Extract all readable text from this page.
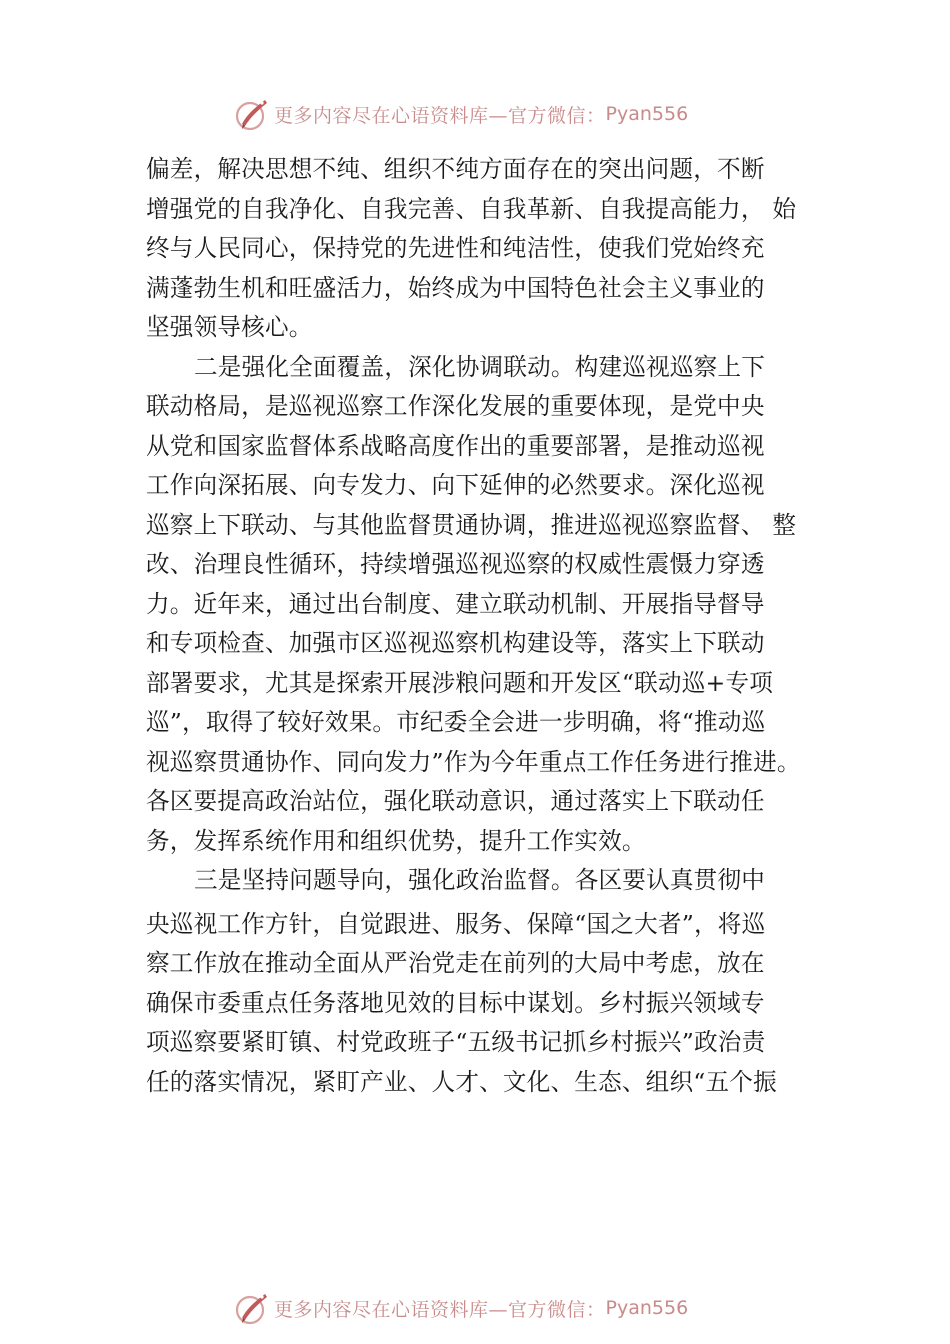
更多内容尽在心语资料库—官方微信： Pyan556
偏差，解决思想不纯、组织不纯方面存在的突出问题，不断
增强党的自我净化、自我完善、自我革新、自我提高能力， 始
终与人民同心，保持党的先进性和纯洁性，使我们党始终充
满蓬勃生机和旺盛活力，始终成为中国特色社会主义事业的
坚强领导核心。
二是强化全面覆盖，深化协调联动。构建巡视巡察上下
联动格局，是巡视巡察工作深化发展的重要体现，是党中央
从党和国家监督体系战略高度作出的重要部署，是推动巡视
工作向深拓展、向专发力、向下延伸的必然要求。深化巡视
巡察上下联动、与其他监督贯通协调，推进巡视巡察监督、 整
改、治理良性循环，持续增强巡视巡察的权威性震慑力穿透
力。近年来，通过出台制度、建立联动机制、开展指导督导
和专项检查、加强市区巡视巡察机构建设等，落实上下联动
部署要求，尤其是探索开展涉粮问题和开发区“联动巡+专项
巡”，取得了较好效果。市纪委全会进一步明确，将“推动巡
视巡察贯通协作、同向发力”作为今年重点工作任务进行推进。
各区要提高政治站位，强化联动意识，通过落实上下联动任
务，发挥系统作用和组织优势，提升工作实效。
三是坚持问题导向，强化政治监督。各区要认真贯彻中
央巡视工作方针，自觉跟进、服务、保障“国之大者”，将巡
察工作放在推动全面从严治党走在前列的大局中考虑，放在
确保市委重点任务落地见效的目标中谋划。乡村振兴领域专
项巡察要紧盯镇、村党政班子“五级书记抓乡村振兴”政治责
任的落实情况，紧盯产业、人才、文化、生态、组织“五个振
更多内容尽在心语资料库—官方微信： Pyan556
